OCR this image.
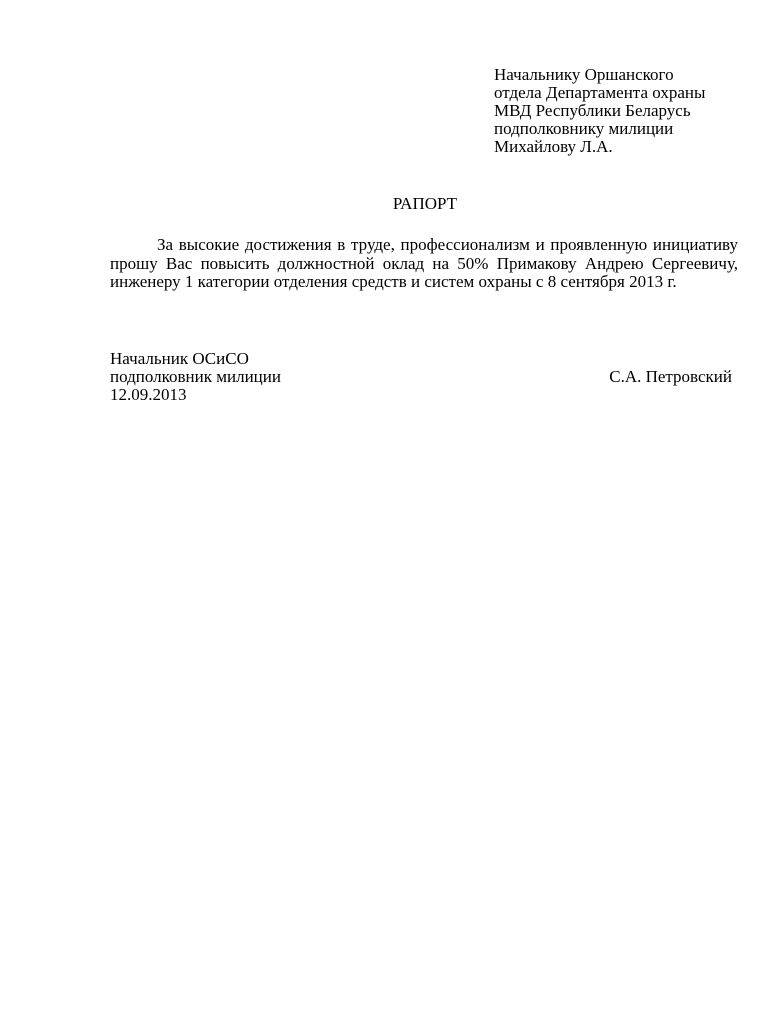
Начальнику Оршанского
отдела Департамента охраны
МВД Республики Беларусь
подполковнику милиции
Михайлову Л.А.
РАПОРТ

За высокие достижения в труде, профессионализм и проявленную инициативу прошу Вас повысить должностной оклад на 50% Примакову Андрею Сергеевичу, инженеру 1 категории отделения средств и систем охраны с 8 сентября 2013 г.

Начальник ОСиСО
подполковник милиции	С.А. Петровский
12.09.2013
